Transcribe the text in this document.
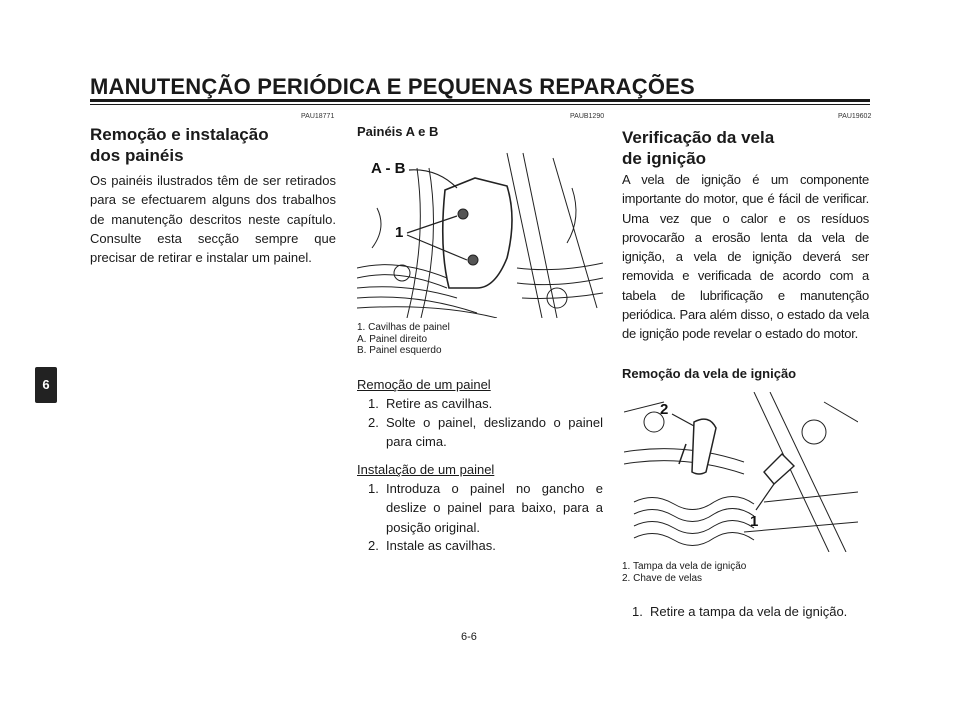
MANUTENÇÃO PERIÓDICA E PEQUENAS REPARAÇÕES
PAU18771
Remoção e instalação
dos painéis
Os painéis ilustrados têm de ser retirados para se efectuarem alguns dos trabalhos de manutenção descritos neste capítulo. Consulte esta secção sempre que precisar de retirar e instalar um painel.
6
PAUB1290
Painéis A e B
A - B
1
1. Cavilhas de painel
A. Painel direito
B. Painel esquerdo
Remoção de um painel
1. Retire as cavilhas.
2. Solte o painel, deslizando o painel para cima.
Instalação de um painel
1. Introduza o painel no gancho e deslize o painel para baixo, para a posição original.
2. Instale as cavilhas.
PAU19602
Verificação da vela
de ignição
A vela de ignição é um componente importante do motor, que é fácil de verificar. Uma vez que o calor e os resíduos provocarão a erosão lenta da vela de ignição, a vela de ignição deverá ser removida e verificada de acordo com a tabela de lubrificação e manutenção periódica. Para além disso, o estado da vela de ignição pode revelar o estado do motor.
Remoção da vela de ignição
2
1
1. Tampa da vela de ignição
2. Chave de velas
1. Retire a tampa da vela de ignição.
6-6
